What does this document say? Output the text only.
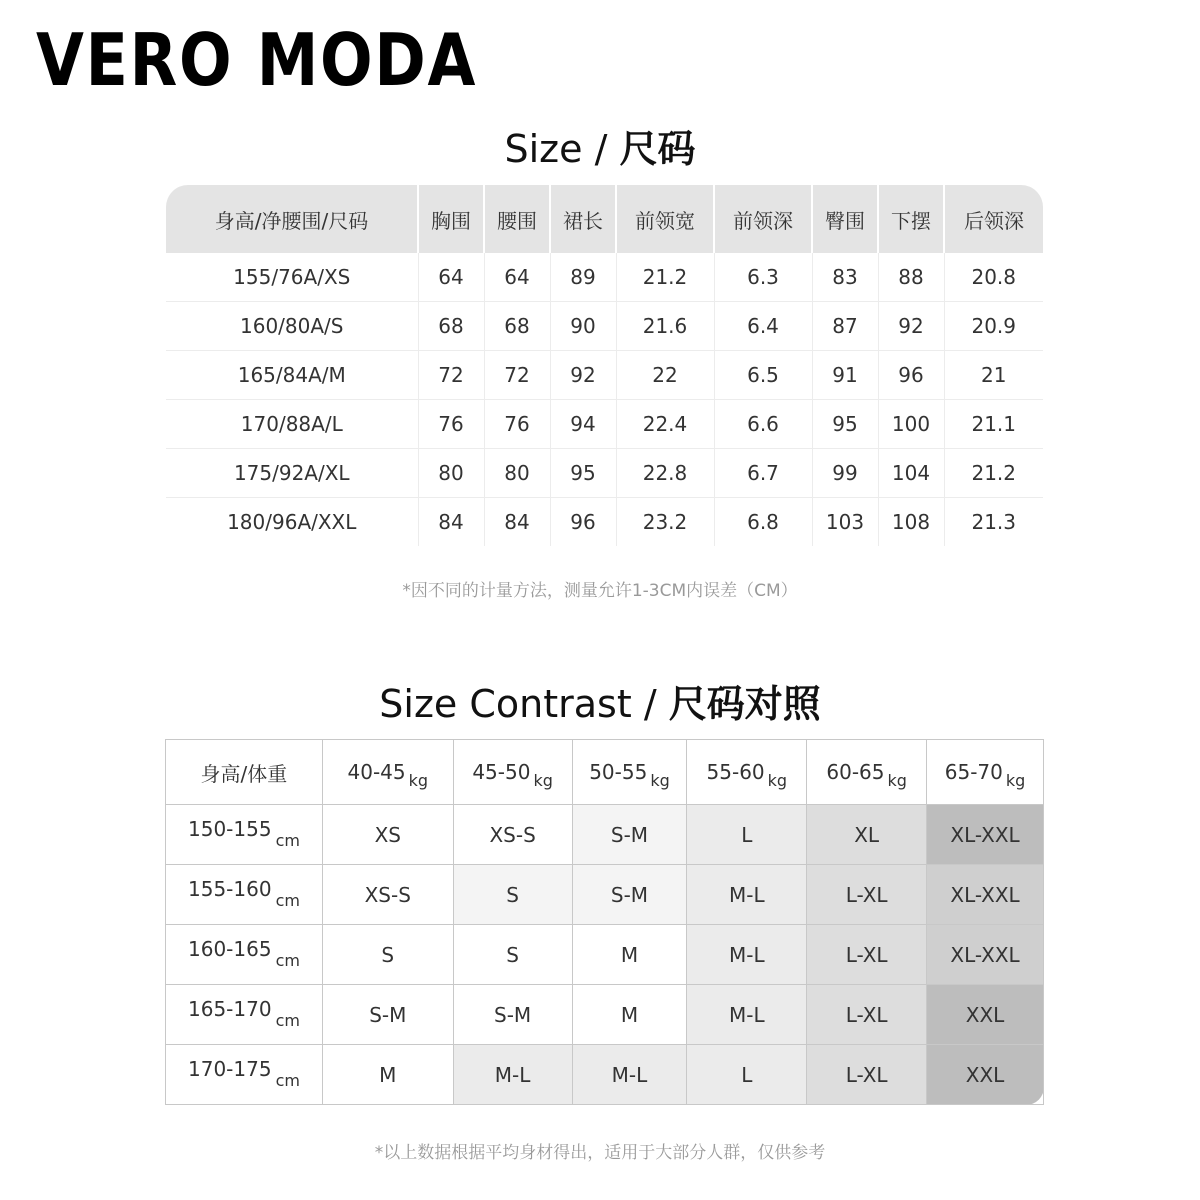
VERO MODA
Size / 尺码
身高/净腰围/尺码	胸围	腰围	裙长	前领宽	前领深	臀围	下摆	后领深
155/76A/XS	64	64	89	21.2	6.3	83	88	20.8
160/80A/S	68	68	90	21.6	6.4	87	92	20.9
165/84A/M	72	72	92	22	6.5	91	96	21
170/88A/L	76	76	94	22.4	6.6	95	100	21.1
175/92A/XL	80	80	95	22.8	6.7	99	104	21.2
180/96A/XXL	84	84	96	23.2	6.8	103	108	21.3
*因不同的计量方法，测量允许1-3CM内误差（CM）
Size Contrast / 尺码对照
身高/体重	40-45 $_{kg}$	45-50 $_{kg}$	50-55 $_{kg}$	55-60 $_{kg}$	60-65 $_{kg}$	65-70 $_{kg}$
150-155 $_{cm}$	XS	XS-S	S-M	L	XL	XL-XXL
155-160 $_{cm}$	XS-S	S	S-M	M-L	L-XL	XL-XXL
160-165 $_{cm}$	S	S	M	M-L	L-XL	XL-XXL
165-170 $_{cm}$	S-M	S-M	M	M-L	L-XL	XXL
170-175 $_{cm}$	M	M-L	M-L	L	L-XL	XXL
*以上数据根据平均身材得出，适用于大部分人群，仅供参考
